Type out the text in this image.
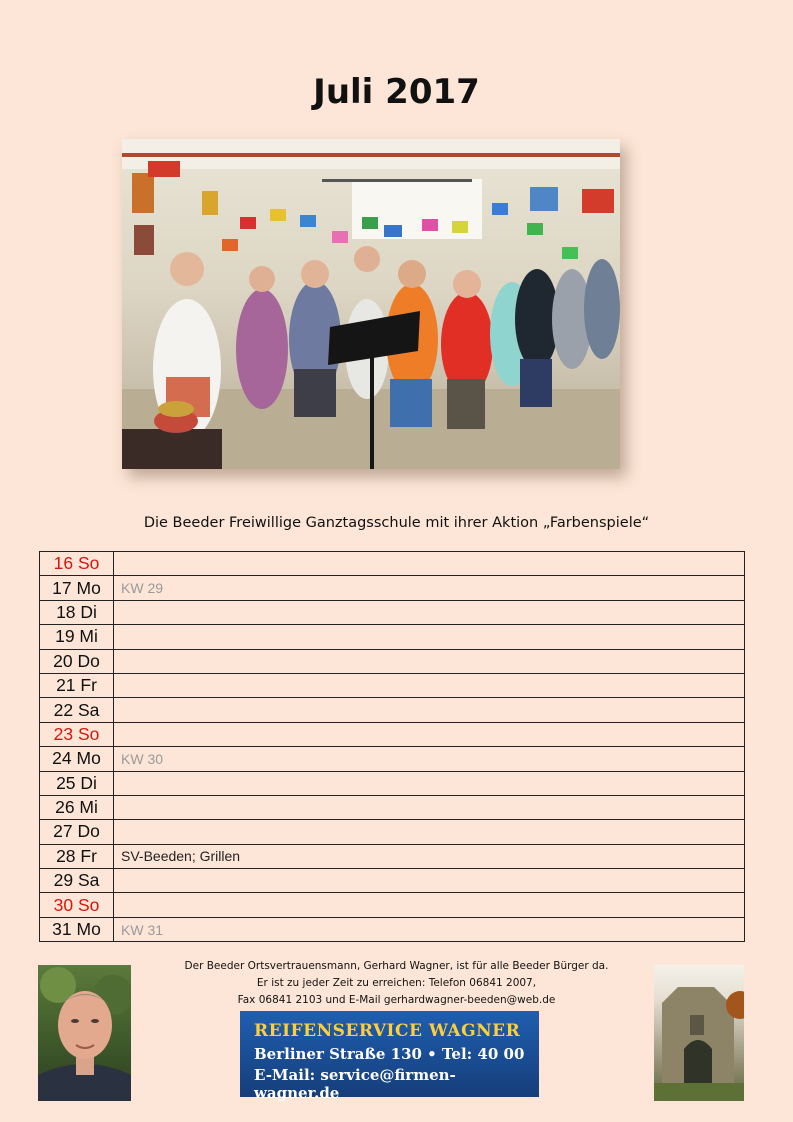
Juli 2017
Die Beeder Freiwillige Ganztagsschule mit ihrer Aktion „Farbenspiele“
16 So	
17 Mo	KW 29
18 Di	
19 Mi	
20 Do	
21 Fr	
22 Sa	
23 So	
24 Mo	KW 30
25 Di	
26 Mi	
27 Do	
28 Fr	SV-Beeden; Grillen
29 Sa	
30 So	
31 Mo	KW 31
Der Beeder Ortsvertrauensmann, Gerhard Wagner, ist für alle Beeder Bürger da.
Er ist zu jeder Zeit zu erreichen: Telefon 06841 2007,
Fax 06841 2103 und E-Mail gerhardwagner-beeden@web.de
REIFENSERVICE WAGNER
Berliner Straße 130 • Tel: 40 00
E-Mail: service@firmen-wagner.de
